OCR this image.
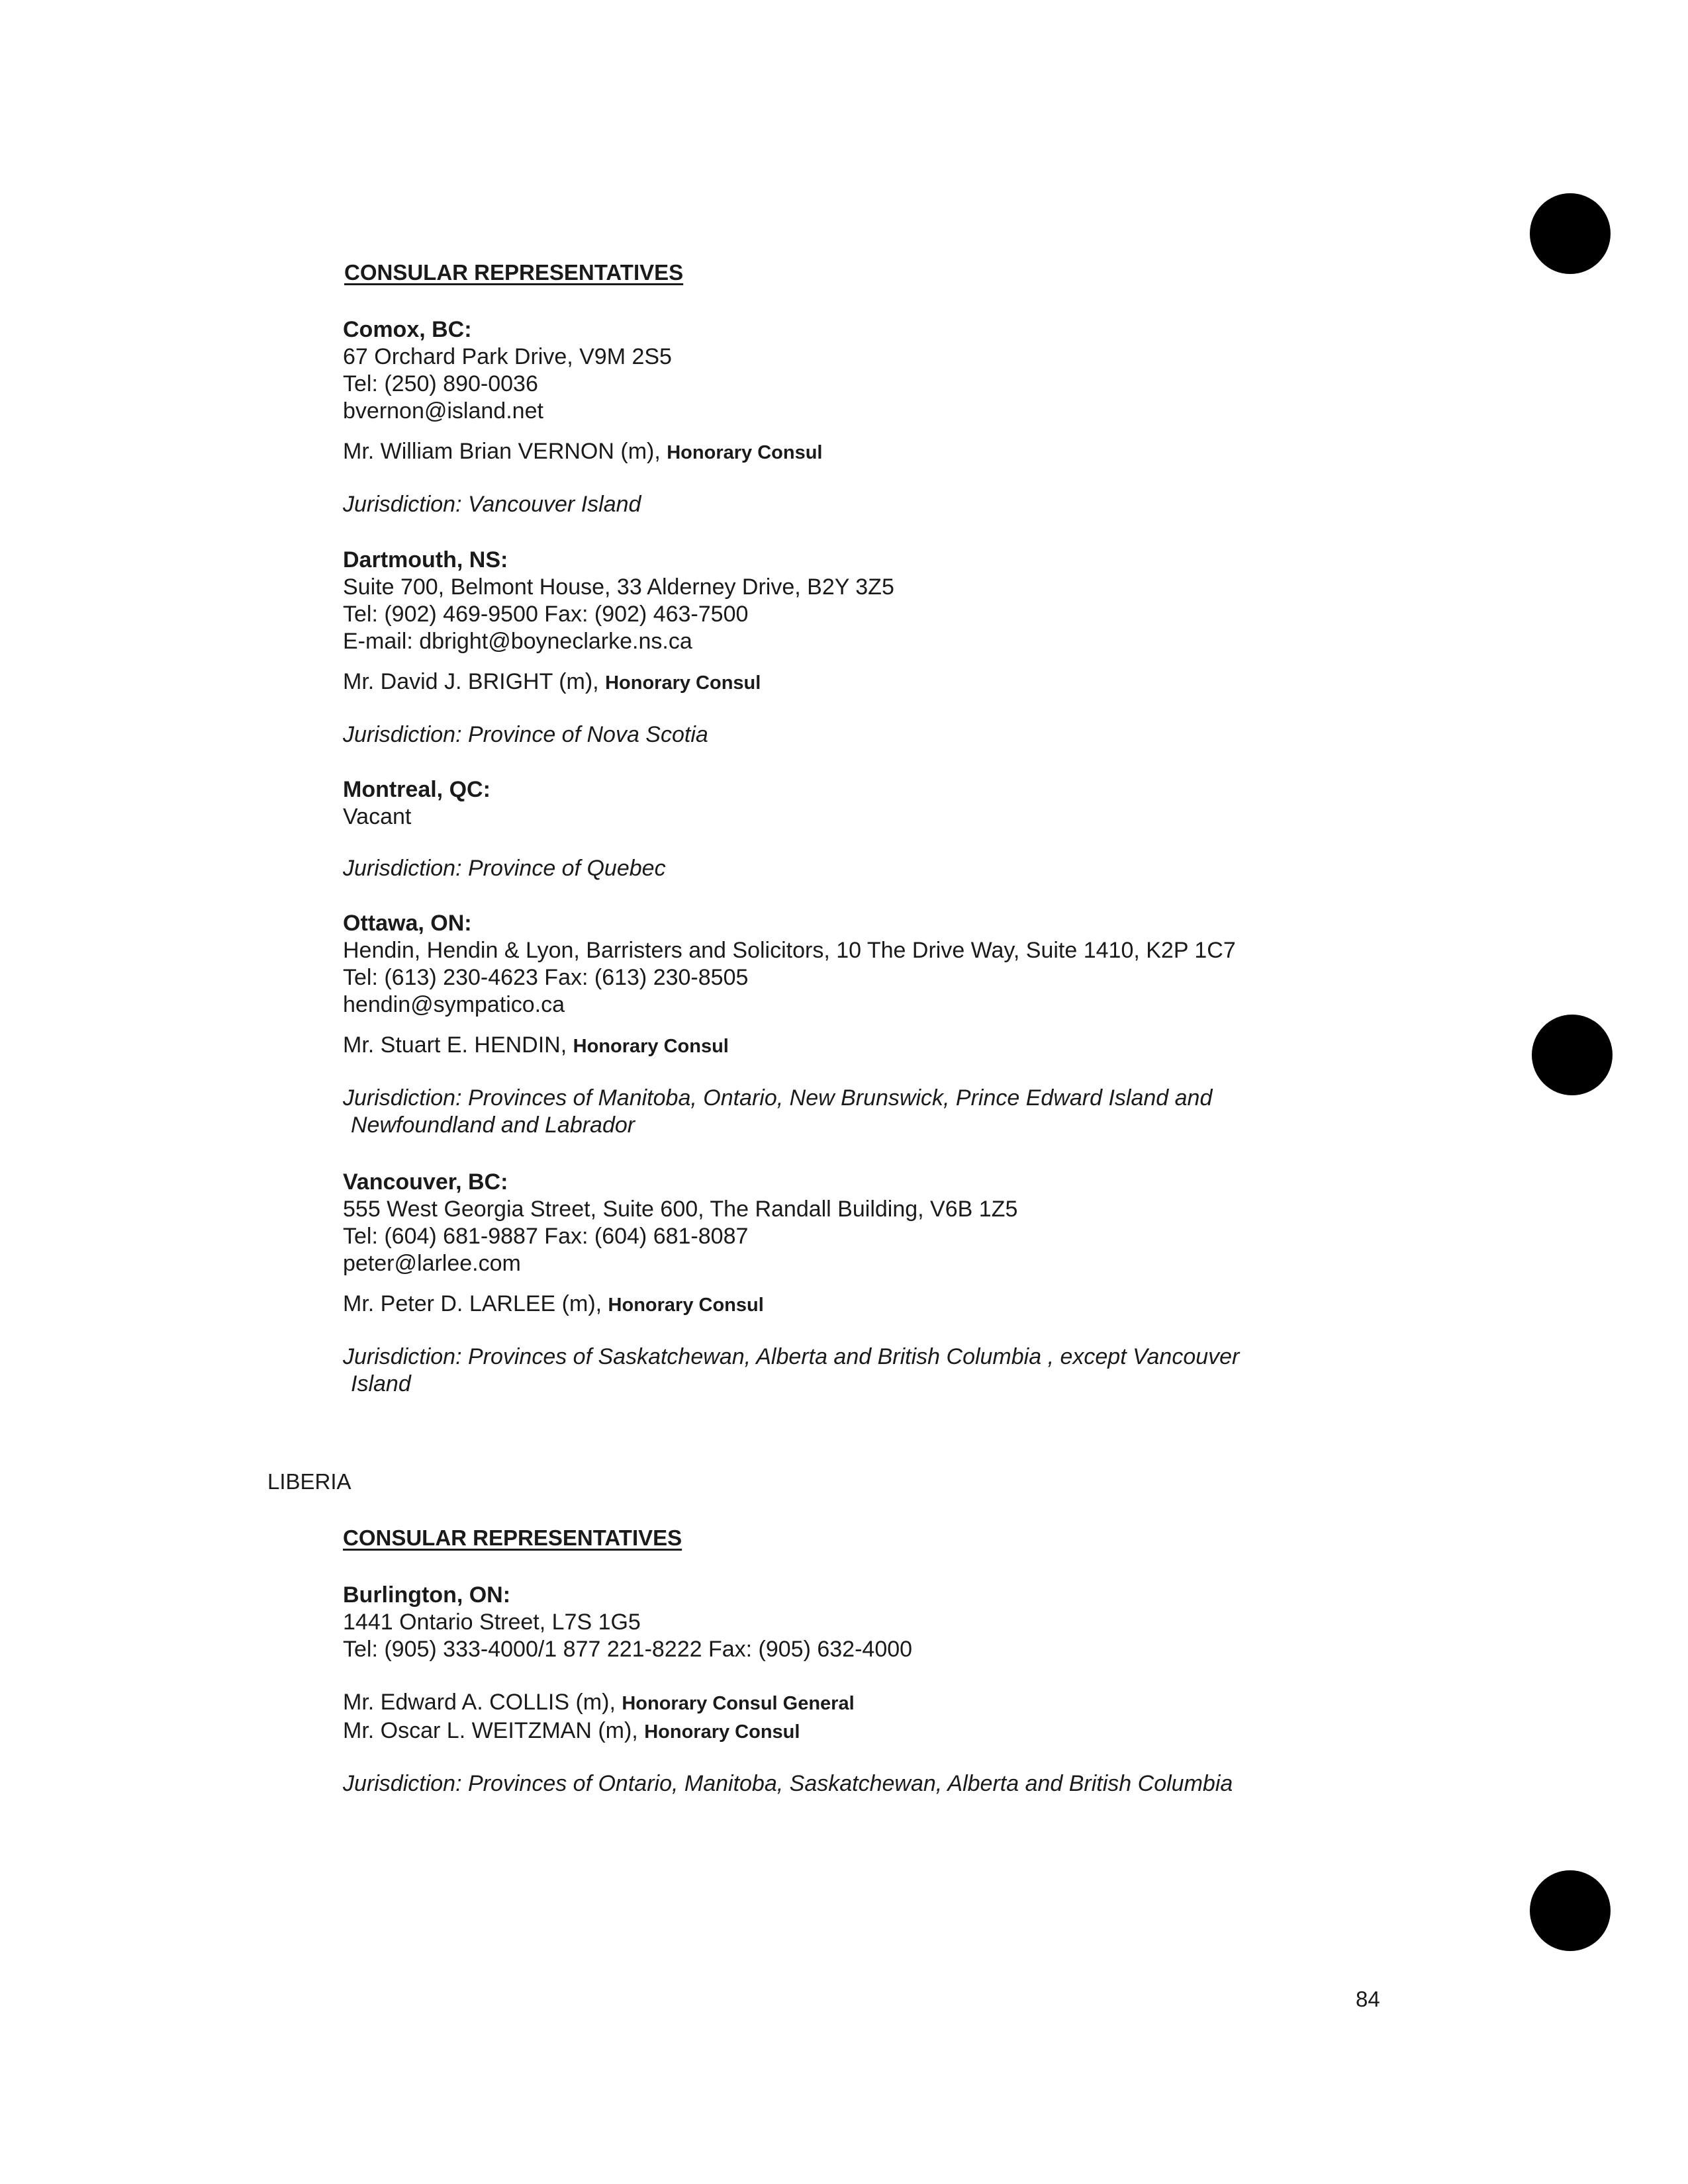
CONSULAR REPRESENTATIVES
Comox, BC:
67 Orchard Park Drive, V9M 2S5
Tel: (250) 890-0036
bvernon@island.net
Mr. William Brian VERNON (m), Honorary Consul
Jurisdiction: Vancouver Island
Dartmouth, NS:
Suite 700, Belmont House, 33 Alderney Drive, B2Y 3Z5
Tel: (902) 469-9500 Fax: (902) 463-7500
E-mail: dbright@boyneclarke.ns.ca
Mr. David J. BRIGHT (m), Honorary Consul
Jurisdiction: Province of Nova Scotia
Montreal, QC:
Vacant
Jurisdiction: Province of Quebec
Ottawa, ON:
Hendin, Hendin & Lyon, Barristers and Solicitors, 10 The Drive Way, Suite 1410, K2P 1C7
Tel: (613) 230-4623 Fax: (613) 230-8505
hendin@sympatico.ca
Mr. Stuart E. HENDIN, Honorary Consul
Jurisdiction: Provinces of Manitoba, Ontario, New Brunswick, Prince Edward Island and
Newfoundland and Labrador
Vancouver, BC:
555 West Georgia Street, Suite 600, The Randall Building, V6B 1Z5
Tel: (604) 681-9887 Fax: (604) 681-8087
peter@larlee.com
Mr. Peter D. LARLEE (m), Honorary Consul
Jurisdiction: Provinces of Saskatchewan, Alberta and British Columbia , except Vancouver
Island
LIBERIA
CONSULAR REPRESENTATIVES
Burlington, ON:
1441 Ontario Street, L7S 1G5
Tel: (905) 333-4000/1 877 221-8222 Fax: (905) 632-4000
Mr. Edward A. COLLIS (m), Honorary Consul General
Mr. Oscar L. WEITZMAN (m), Honorary Consul
Jurisdiction: Provinces of Ontario, Manitoba, Saskatchewan, Alberta and British Columbia
84
